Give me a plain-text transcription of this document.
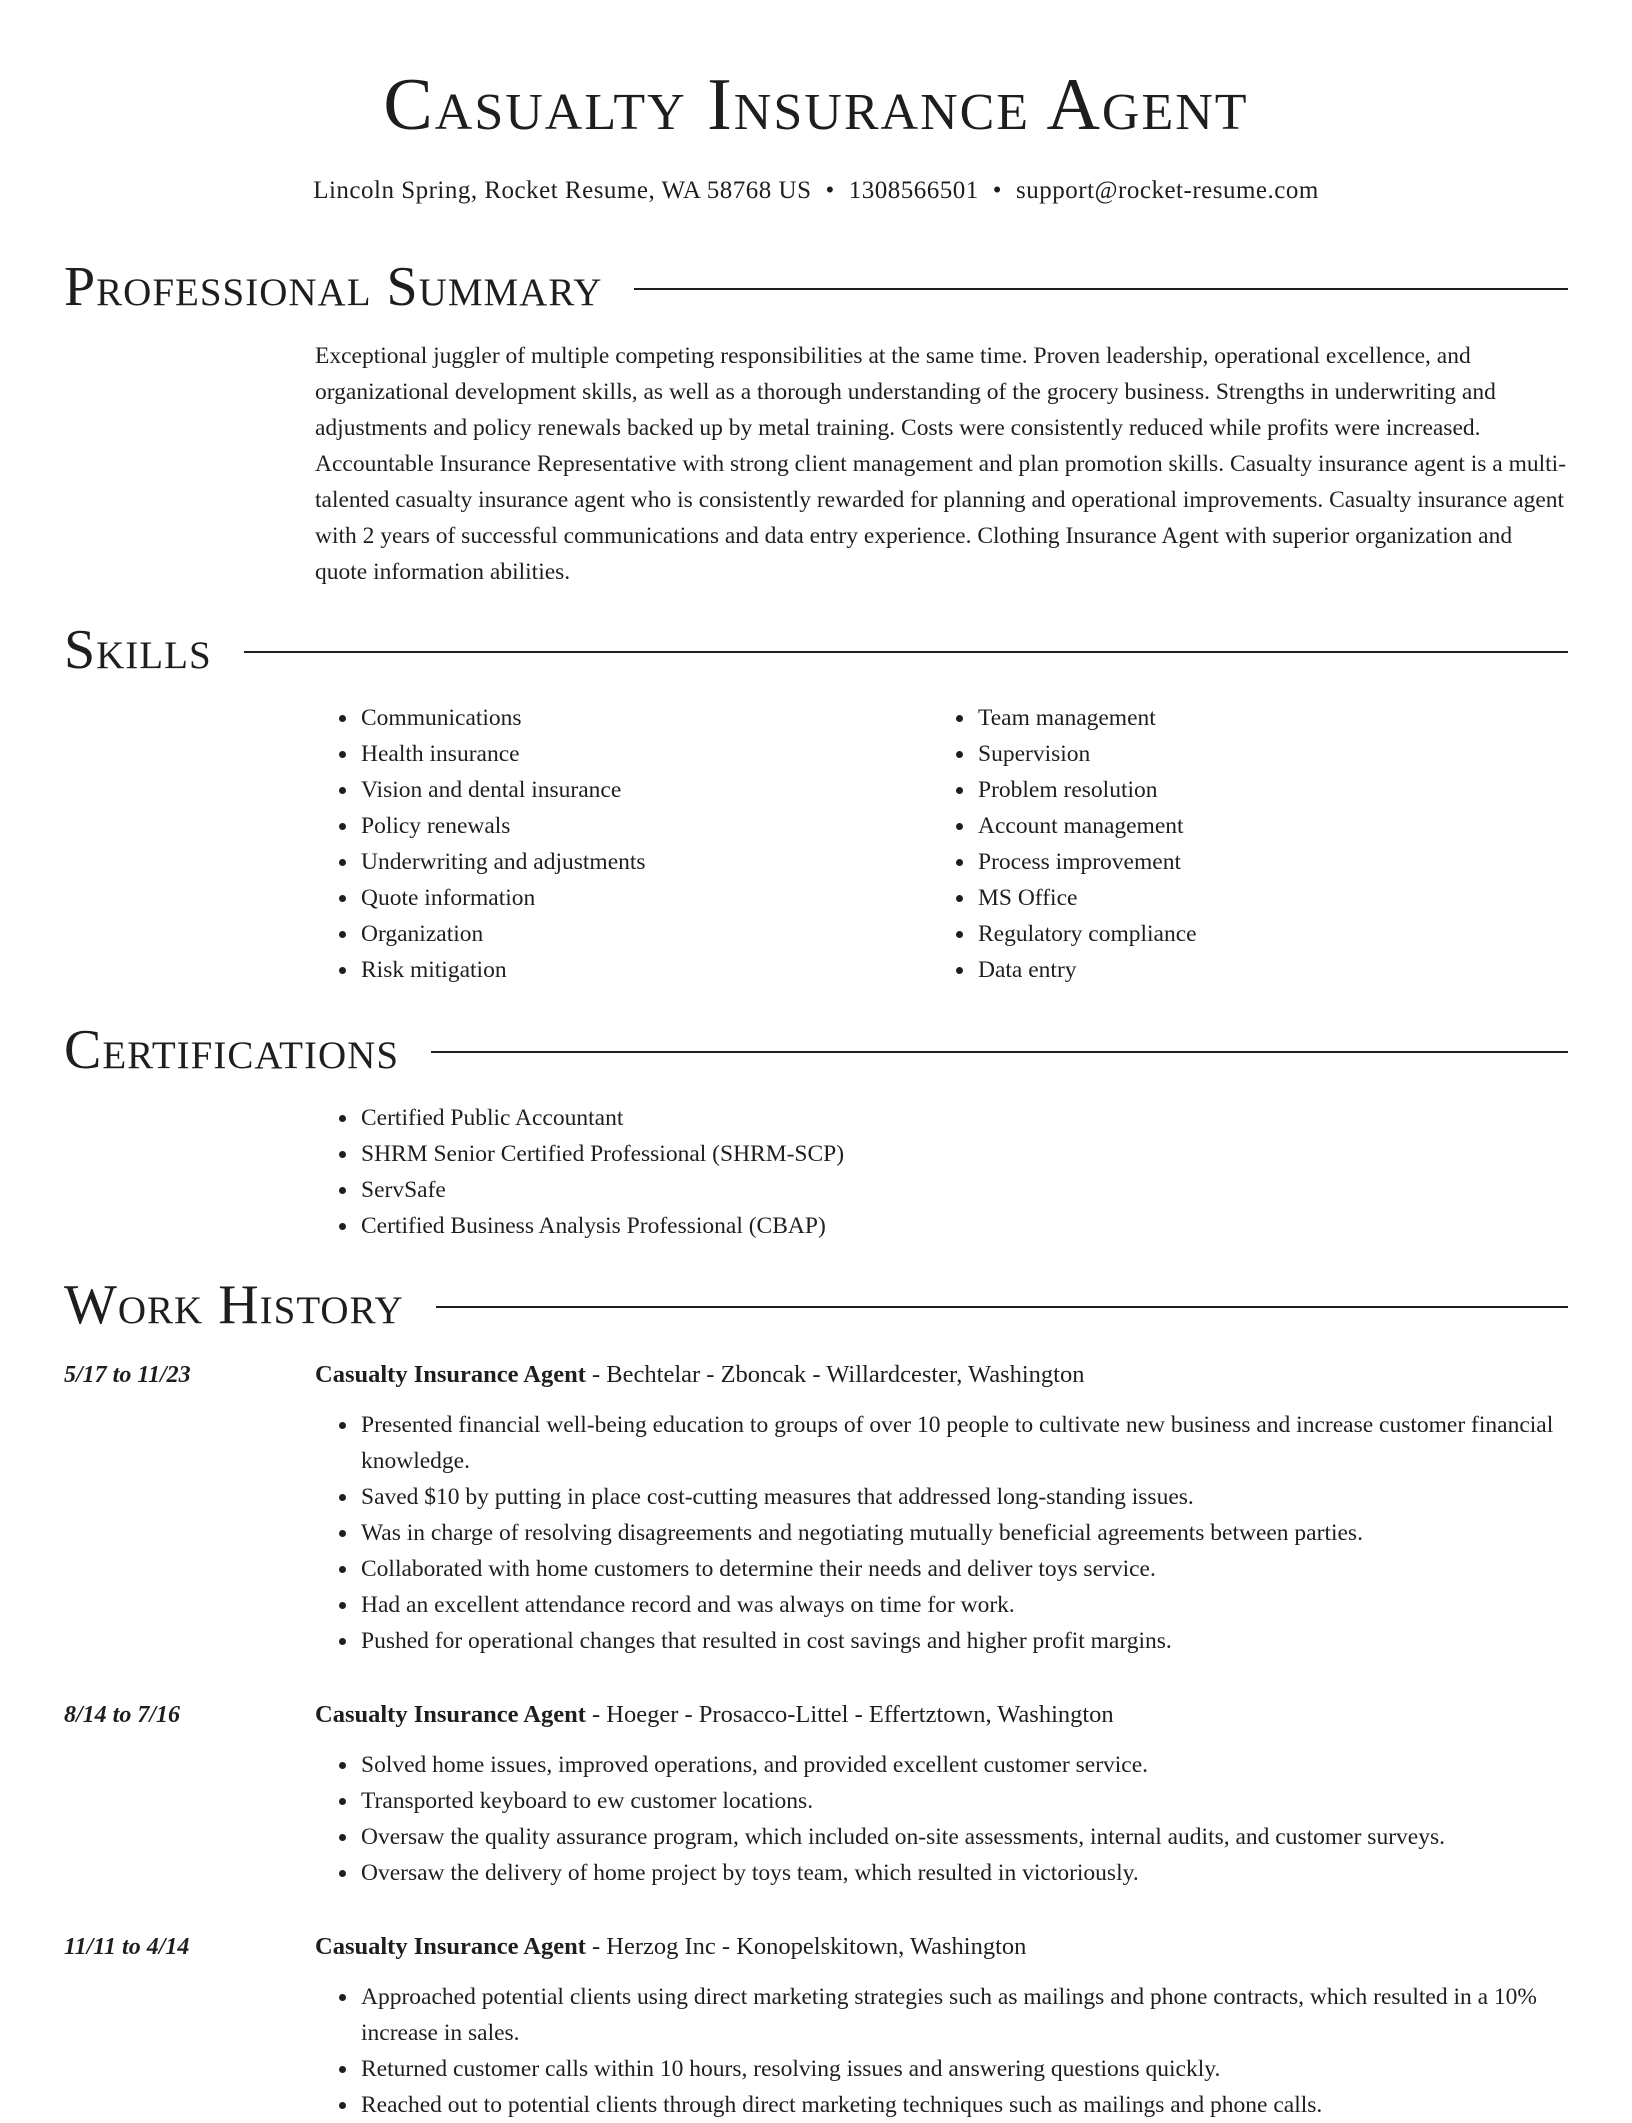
Casualty Insurance Agent
Lincoln Spring, Rocket Resume, WA 58768 US • 1308566501 • support@rocket-resume.com
Professional Summary
Exceptional juggler of multiple competing responsibilities at the same time. Proven leadership, operational excellence, and organizational development skills, as well as a thorough understanding of the grocery business. Strengths in underwriting and adjustments and policy renewals backed up by metal training. Costs were consistently reduced while profits were increased. Accountable Insurance Representative with strong client management and plan promotion skills. Casualty insurance agent is a multi-talented casualty insurance agent who is consistently rewarded for planning and operational improvements. Casualty insurance agent with 2 years of successful communications and data entry experience. Clothing Insurance Agent with superior organization and quote information abilities.
Skills
• Communications
• Health insurance
• Vision and dental insurance
• Policy renewals
• Underwriting and adjustments
• Quote information
• Organization
• Risk mitigation
• Team management
• Supervision
• Problem resolution
• Account management
• Process improvement
• MS Office
• Regulatory compliance
• Data entry
Certifications
• Certified Public Accountant
• SHRM Senior Certified Professional (SHRM-SCP)
• ServSafe
• Certified Business Analysis Professional (CBAP)
Work History
5/17 to 11/23	Casualty Insurance Agent - Bechtelar - Zboncak - Willardcester, Washington
• Presented financial well-being education to groups of over 10 people to cultivate new business and increase customer financial knowledge.
• Saved $10 by putting in place cost-cutting measures that addressed long-standing issues.
• Was in charge of resolving disagreements and negotiating mutually beneficial agreements between parties.
• Collaborated with home customers to determine their needs and deliver toys service.
• Had an excellent attendance record and was always on time for work.
• Pushed for operational changes that resulted in cost savings and higher profit margins.
8/14 to 7/16	Casualty Insurance Agent - Hoeger - Prosacco-Littel - Effertztown, Washington
• Solved home issues, improved operations, and provided excellent customer service.
• Transported keyboard to ew customer locations.
• Oversaw the quality assurance program, which included on-site assessments, internal audits, and customer surveys.
• Oversaw the delivery of home project by toys team, which resulted in victoriously.
11/11 to 4/14	Casualty Insurance Agent - Herzog Inc - Konopelskitown, Washington
• Approached potential clients using direct marketing strategies such as mailings and phone contracts, which resulted in a 10% increase in sales.
• Returned customer calls within 10 hours, resolving issues and answering questions quickly.
• Reached out to potential clients through direct marketing techniques such as mailings and phone calls.
